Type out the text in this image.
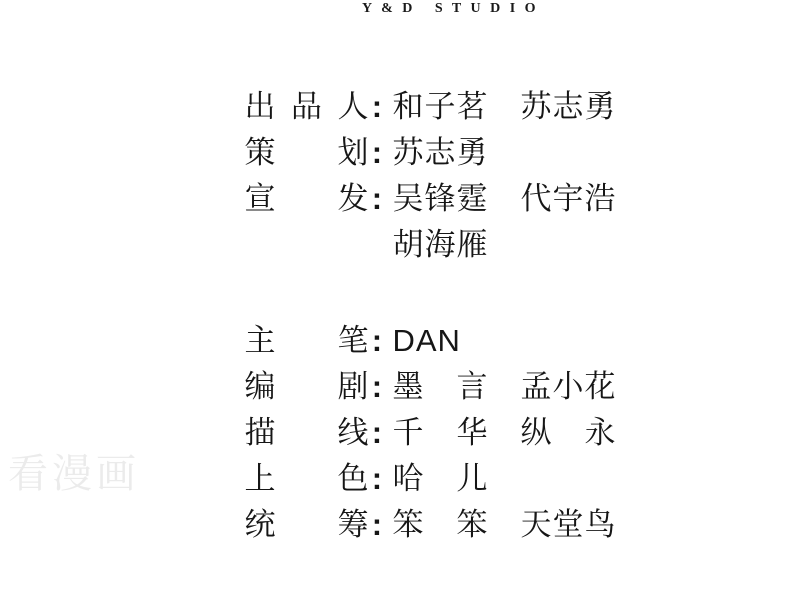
Y & D   S T U D I O

出品人 : 和子茗　苏志勇

策划 : 苏志勇

宣发 : 吴锋霆　代宇浩

胡海雁

主笔 : DAN

编剧 : 墨　言　孟小花

描线 : 千　华　纵　永

上色 : 哈　儿

统筹 : 笨　笨　天堂鸟

看漫画
